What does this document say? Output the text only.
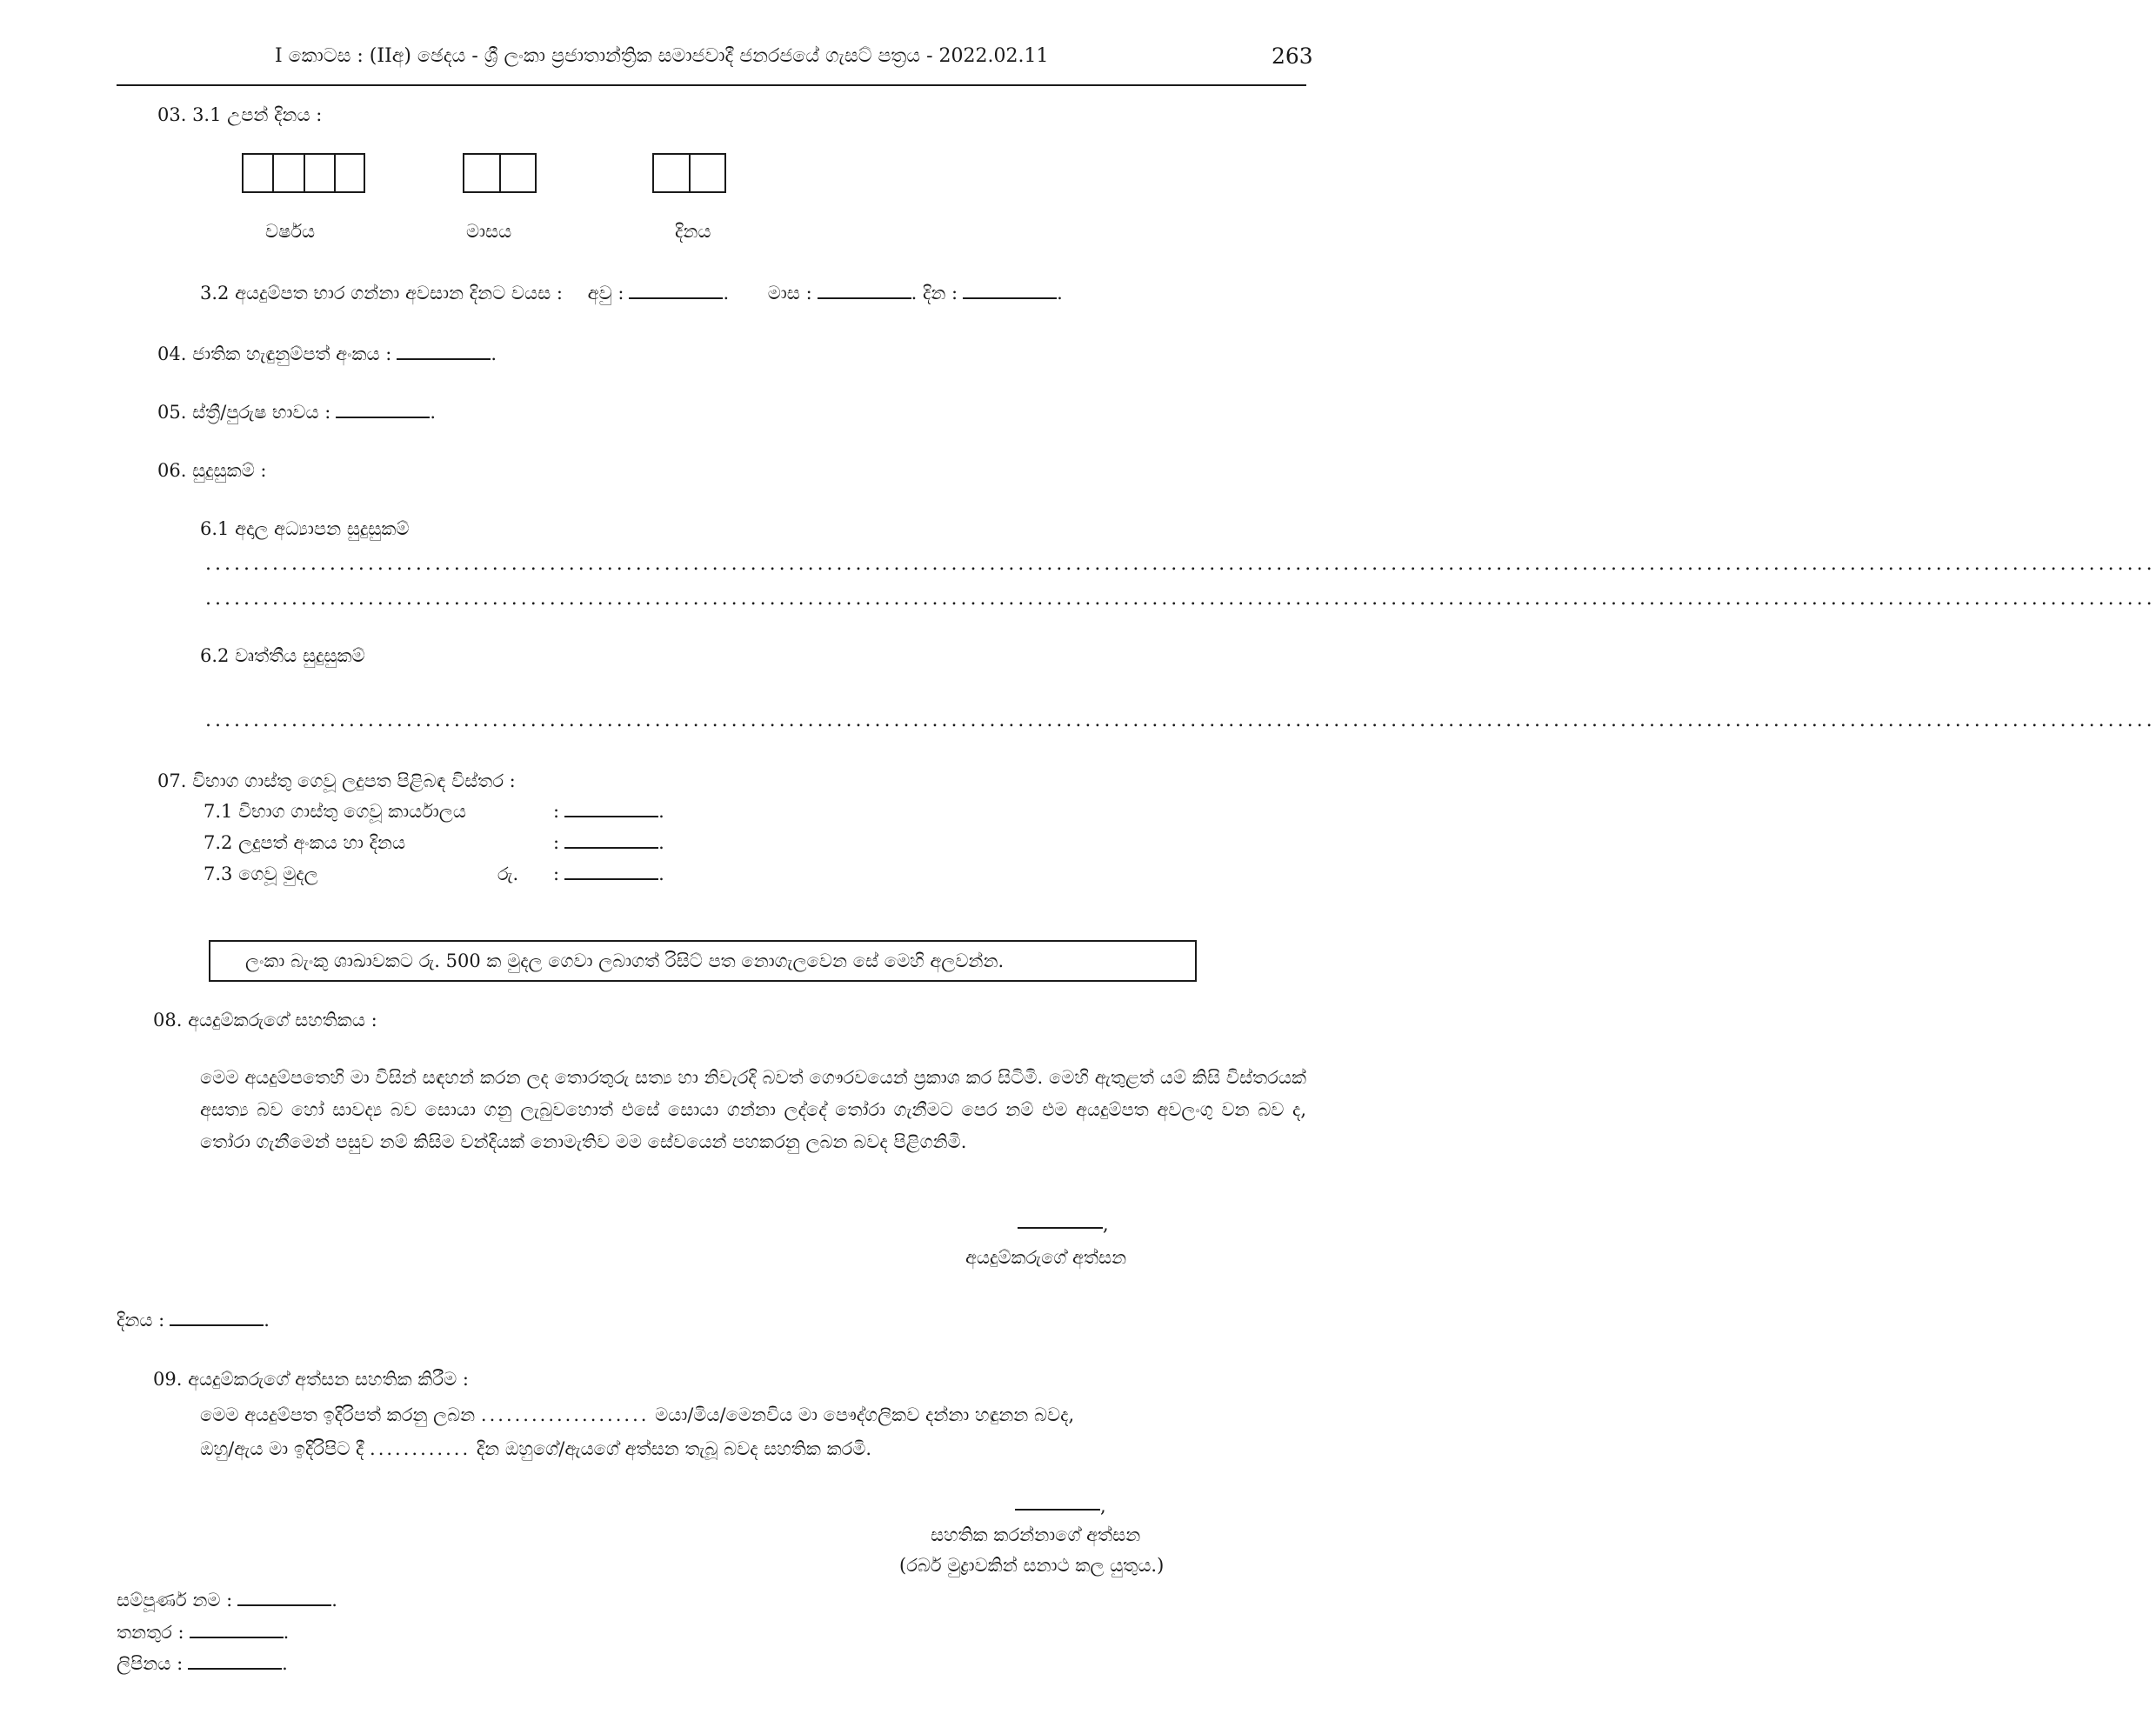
I කොටස : (IIඅ) ඡෙදය - ශ්‍රී ලංකා ප්‍රජාතාන්ත්‍රික සමාජවාදී ජනරජයේ ගැසට් පත්‍රය - 2022.02.11	263
03. 3.1 උපන් දිනය :
වර්ෂය	මාසය	දිනය
3.2 අයදුම්පත භාර ගන්නා අවසාන දිනට වයස : අවු :	. මාස :	. දින :	.
04. ජාතික හැඳුනුම්පත් අංකය :	.
05. ස්ත්‍රී/පුරුෂ භාවය :	.
06. සුදුසුකම් :
6.1 අදාල අධ්‍යාපන සුදුසුකම්
............................................................................................................................................................................................................
............................................................................................................................................................................................................
6.2 වෘත්තීය සුදුසුකම්
............................................................................................................................................................................................................
07. විභාග ගාස්තු ගෙවූ ලදුපත පිළිබඳ විස්තර :
7.1 විභාග ගාස්තු ගෙවූ කාර්යාලය	:	.
7.2 ලදුපත් අංකය හා දිනය	:	.
7.3 ගෙවූ මුදල	රු. :	.
ලංකා බැංකු ශාඛාවකට රු. 500 ක මුදල ගෙවා ලබාගත් රිසිට් පත නොගැලවෙන සේ මෙහි අලවන්න.
08. අයදුම්කරුගේ සහතිකය :
මෙම අයදුම්පතෙහි මා විසින් සඳහන් කරන ලද තොරතුරු සත්‍ය හා නිවැරදි බවත් ගෞරවයෙන් ප්‍රකාශ කර සිටිමි. මෙහි ඇතුළත් යම් කිසි විස්තරයක් අසත්‍ය බව හෝ සාවද්‍ය බව සොයා ගනු ලැබුවහොත් එසේ සොයා ගන්නා ලද්දේ තෝරා ගැනීමට පෙර නම් එම අයදුම්පත අවලංගු වන බව ද, තෝරා ගැනීමෙන් පසුව නම් කිසිම වන්දියක් නොමැතිව මම සේවයෙන් පහකරනු ලබන බවද පිළිගනිමි.
,
අයදුම්කරුගේ අත්සන
දිනය :	.
09. අයදුම්කරුගේ අත්සන සහතික කිරීම :
මෙම අයදුම්පත ඉදිරිපත් කරනු ලබන .................... මයා/මිය/මෙනවිය මා පෞද්ගලිකව දන්නා හඳුනන බවද,
ඔහු/ඇය මා ඉදිරිපිට දී ............ දින ඔහුගේ/ඇයගේ අත්සන තැබූ බවද සහතික කරමි.
,
සහතික කරන්නාගේ අත්සන
(රබර් මුද්‍රාවකින් සනාථ කල යුතුය.)
සම්පූර්ණ නම :	.
තනතුර :	.
ලිපිනය :	.
